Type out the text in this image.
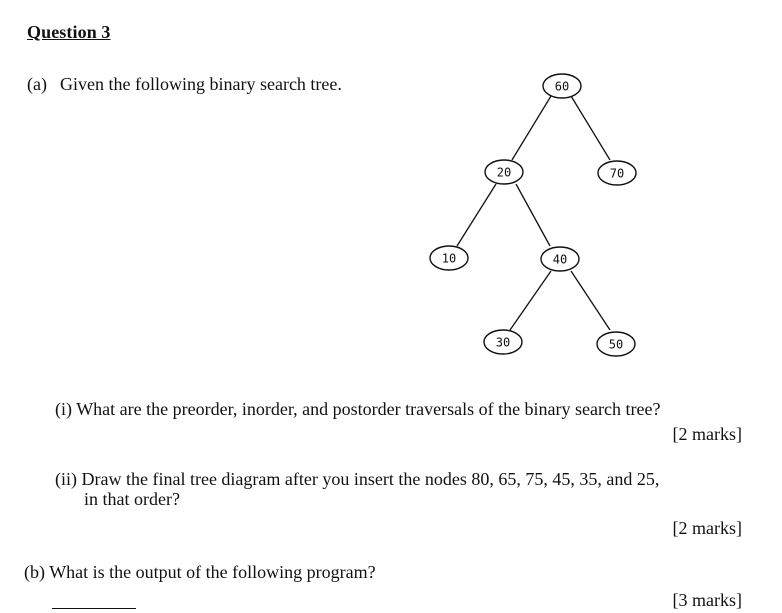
Question 3
(a) Given the following binary search tree.	60
20	70
10	40
30	50
(i) What are the preorder, inorder, and postorder traversals of the binary search tree?
[2 marks]
(ii) Draw the final tree diagram after you insert the nodes 80, 65, 75, 45, 35, and 25,
in that order?
[2 marks]
(b) What is the output of the following program?
[3 marks]
